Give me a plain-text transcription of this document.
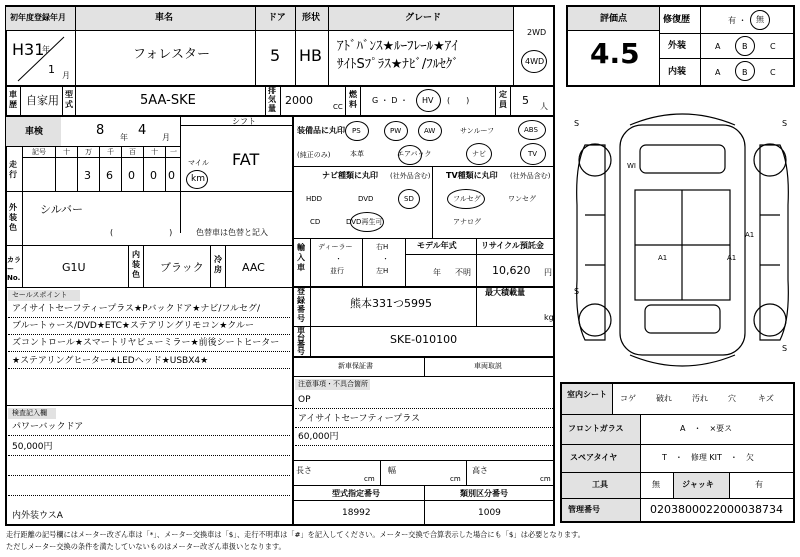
初年度登録年月	車名	ドア 形状	グレード
H31
年
1 月
フォレスター	5 HB ｱﾄﾞﾊﾞﾝｽ★ﾙｰﾌﾚｰﾙ★ｱｲ
ｻｲﾄSﾌﾟﾗｽ★ﾅﾋﾞ/ﾌﾙｾｸﾞ
2WD
4WD
車歴 自家用 型式	5AA-SKE
排気量
2000	CC
燃料 G ・ D ・ HV (　　)
定員 5 人
車検	8 年 4 月
シフト
FAT
走行
記号 十 万 千 百 十 一
3 6 0 0 0
マイル
km
外装色
シルバー
(　　　　　　　)	色替車は色替と記入
カラーNo.
G1U
内装色
ブラック
冷房 AAC
セールスポイント
アイサイトセーフティープラス★Pバックドア★ナビ/フルセグ/
ブルートゥース/DVD★ETC★ステアリングリモコン★クルー
ズコントロール★スマートリヤビューミラー★前後シートヒーター
★ステアリングヒーター★LEDヘッド★USBX4★
検査記入欄
パワーバックドア
50,000円
内外装ウスA
装備品に丸印
(純正のみ)
PS	PW	AW	サンルーフ	ABS
本革	エアバック	ナビ	TV
ナビ種類に丸印 (社外品含む)
HDD	DVD	SD
CD	DVD再生可
TV種類に丸印 (社外品含む)
フルセグ	ワンセグ
アナログ
輸入車
ディーラー
・
並行
右H
・
左H
モデル年式
年 不明
リサイクル預託金
10,620 円
登録番号
熊本331つ5995
最大積載量
kg
車台番号
SKE-010100
新車保証書	車両取説
注意事項・不具合箇所
OP
アイサイトセーフティープラス
60,000円
長さ
cm
幅
cm
高さ
cm
型式指定番号
18992
類別区分番号
1009
評価点
4.5
修復歴	有 ・ 無
外装	A	B	C
内装	A	B	C
S	S
S
S
WI
A1
A1	A1
室内シート コゲ	破れ	汚れ	穴	キズ
フロントガラス	A　・　×要ス
スペアタイヤ	T　・　修理 KIT　・　欠
工具	無	ジャッキ	有
管理番号	0203800022000038734
走行距離の記号欄にはメーター改ざん車は「*」、メーター交換車は「$」、走行不明車は「#」を記入してください。メーター交換で合算表示した場合にも「$」は必要となります。
ただしメーター交換の条件を満たしていないものはメーター改ざん車扱いとなります。
